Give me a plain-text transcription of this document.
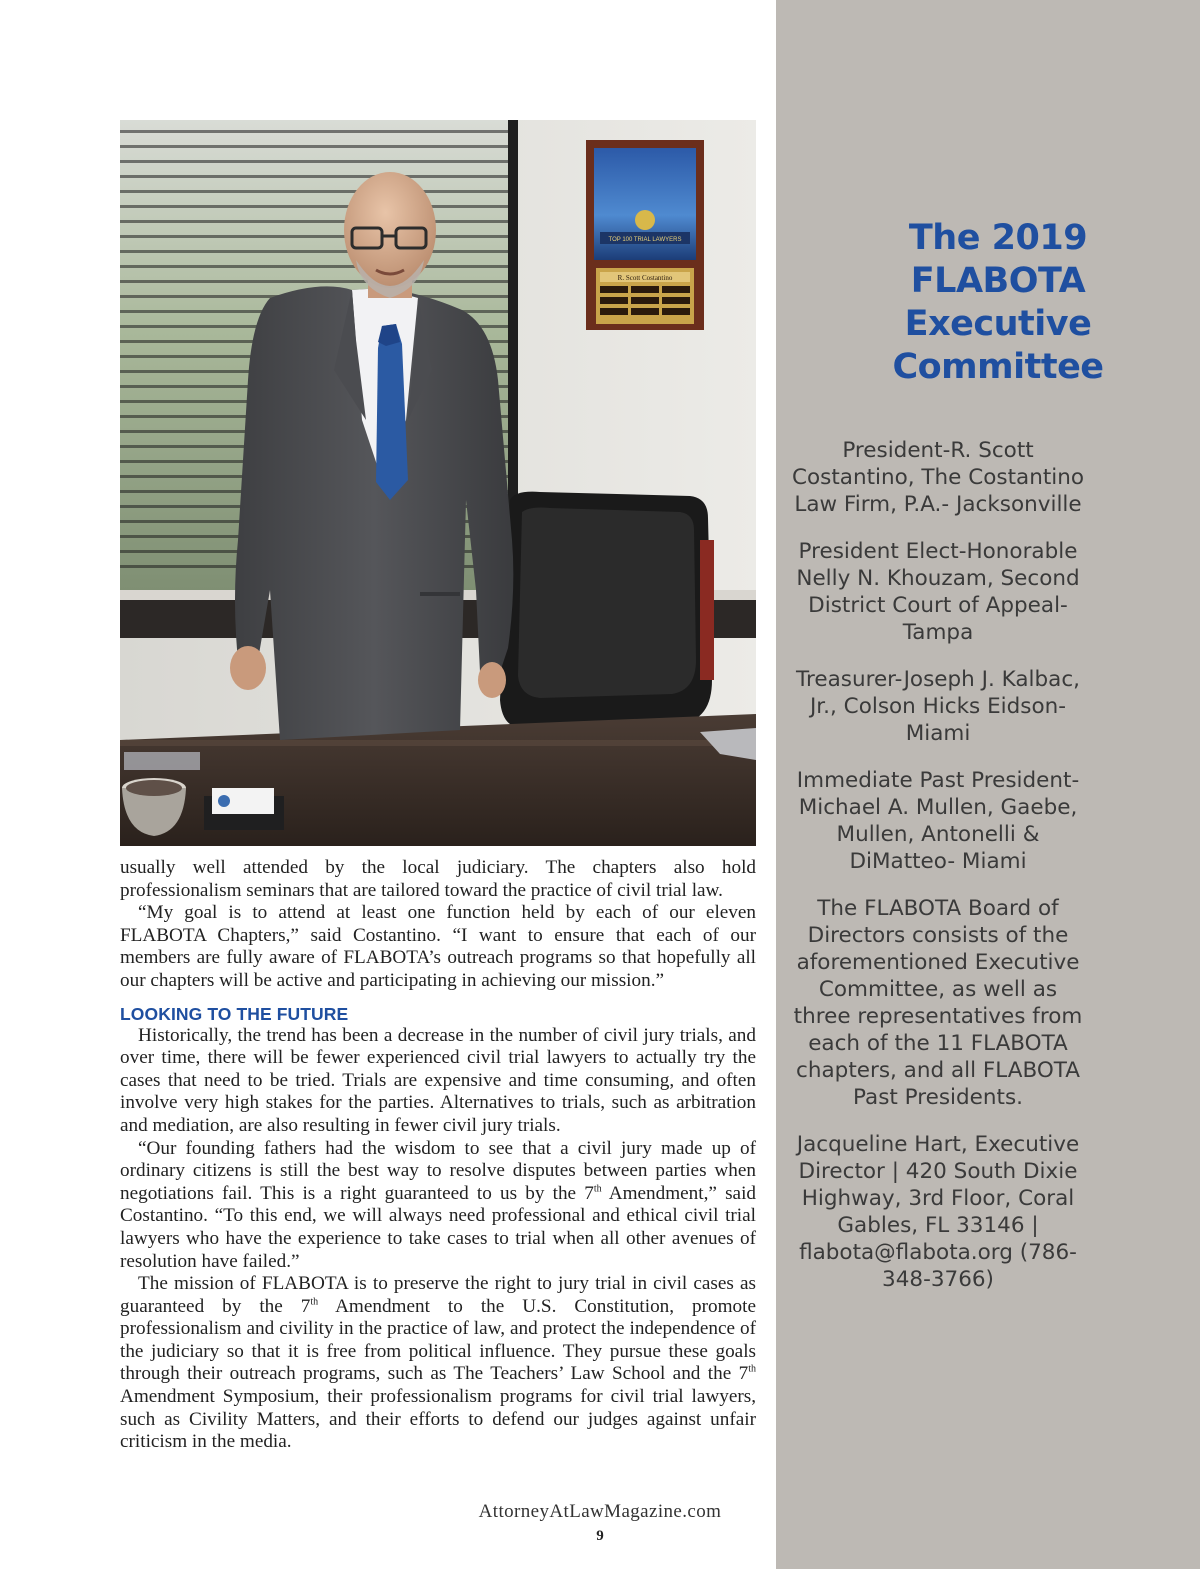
The 2019
FLABOTA
Executive
Committee

President-R. Scott Costantino, The Costantino Law Firm, P.A.- Jacksonville

President Elect-Honorable Nelly N. Khouzam, Second District Court of Appeal- Tampa

Treasurer-Joseph J. Kalbac, Jr., Colson Hicks Eidson- Miami

Immediate Past President-Michael A. Mullen, Gaebe, Mullen, Antonelli & DiMatteo- Miami

The FLABOTA Board of Directors consists of the aforementioned Executive Committee, as well as three representatives from each of the 11 FLABOTA chapters, and all FLABOTA Past Presidents.

Jacqueline Hart, Executive Director | 420 South Dixie Highway, 3rd Floor, Coral Gables, FL 33146 | flabota@flabota.org (786-348-3766)

TOP 100 TRIAL LAWYERS
R. Scott Costantino

usually well attended by the local judiciary. The chapters also hold professionalism seminars that are tailored toward the practice of civil trial law.

“My goal is to attend at least one function held by each of our eleven FLABOTA Chapters,” said Costantino. “I want to ensure that each of our members are fully aware of FLABOTA’s outreach programs so that hopefully all our chapters will be active and participating in achieving our mission.”

LOOKING TO THE FUTURE

Historically, the trend has been a decrease in the number of civil jury trials, and over time, there will be fewer experienced civil trial lawyers to actually try the cases that need to be tried. Trials are expensive and time consuming, and often involve very high stakes for the parties. Alternatives to trials, such as arbitration and mediation, are also resulting in fewer civil jury trials.

“Our founding fathers had the wisdom to see that a civil jury made up of ordinary citizens is still the best way to resolve disputes between parties when negotiations fail. This is a right guaranteed to us by the 7th Amendment,” said Costantino. “To this end, we will always need professional and ethical civil trial lawyers who have the experience to take cases to trial when all other avenues of resolution have failed.”

The mission of FLABOTA is to preserve the right to jury trial in civil cases as guaranteed by the 7th Amendment to the U.S. Constitution, promote professionalism and civility in the practice of law, and protect the independence of the judiciary so that it is free from political influence. They pursue these goals through their outreach programs, such as The Teachers’ Law School and the 7th Amendment Symposium, their professionalism programs for civil trial lawyers, such as Civility Matters, and their efforts to defend our judges against unfair criticism in the media.

AttorneyAtLawMagazine.com
9
